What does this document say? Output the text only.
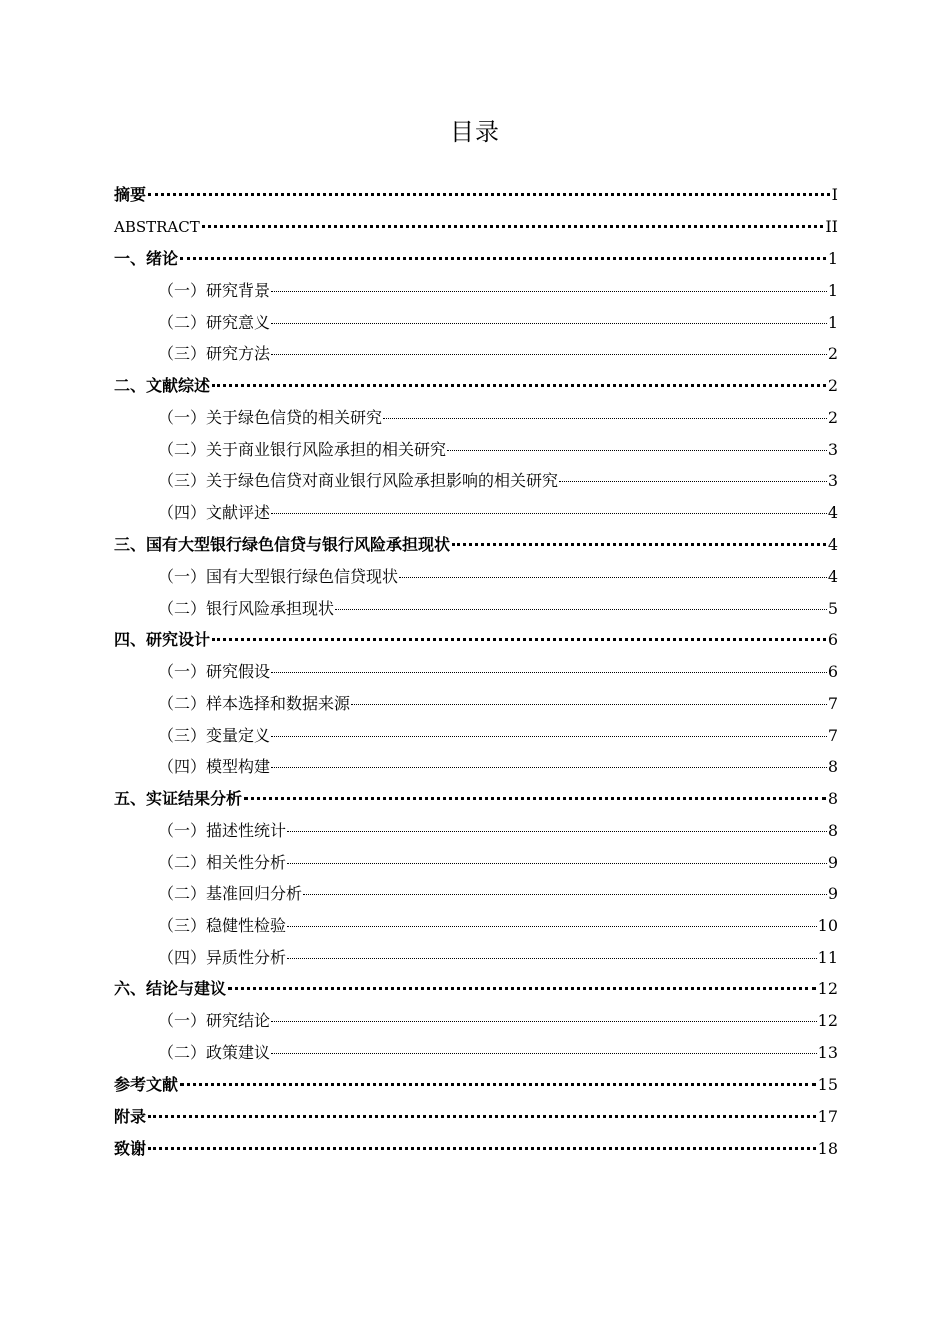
目录
摘要	I
ABSTRACT	II
一、绪论	1
（一）研究背景	1
（二）研究意义	1
（三）研究方法	2
二、文献综述	2
（一）关于绿色信贷的相关研究	2
（二）关于商业银行风险承担的相关研究	3
（三）关于绿色信贷对商业银行风险承担影响的相关研究	3
（四）文献评述	4
三、国有大型银行绿色信贷与银行风险承担现状	4
（一）国有大型银行绿色信贷现状	4
（二）银行风险承担现状	5
四、研究设计	6
（一）研究假设	6
（二）样本选择和数据来源	7
（三）变量定义	7
（四）模型构建	8
五、实证结果分析	8
（一）描述性统计	8
（二）相关性分析	9
（二）基准回归分析	9
（三）稳健性检验	10
（四）异质性分析	11
六、结论与建议	12
（一）研究结论	12
（二）政策建议	13
参考文献	15
附录	17
致谢	18
